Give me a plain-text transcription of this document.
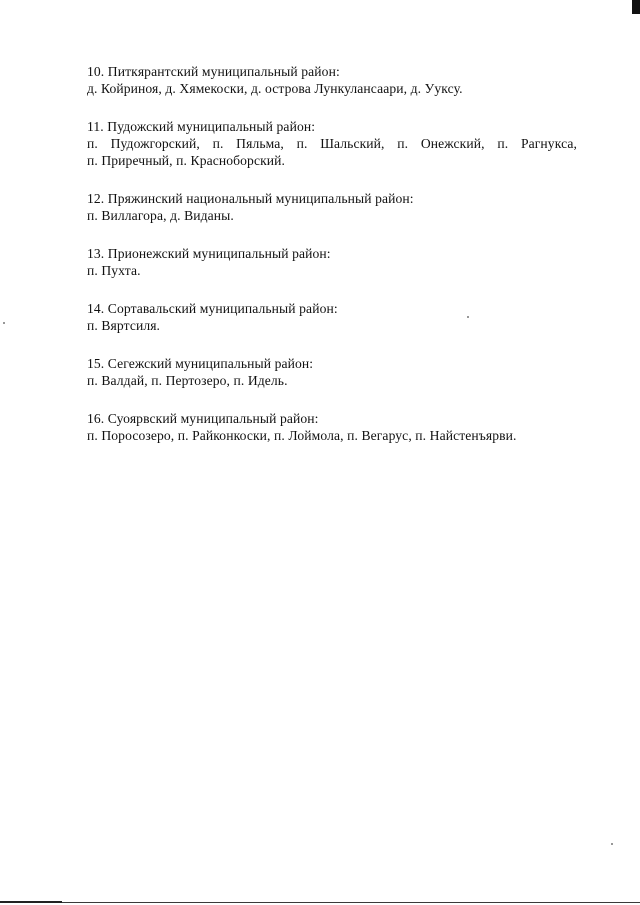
10. Питкярантский муниципальный район:
д. Койриноя, д. Хямекоски, д. острова Лункулансаари, д. Ууксу.
11. Пудожский муниципальный район:
п. Пудожгорский, п. Пяльма, п. Шальский, п. Онежский, п. Рагнукса,
п. Приречный, п. Красноборский.
12. Пряжинский национальный муниципальный район:
п. Виллагора, д. Виданы.
13. Прионежский муниципальный район:
п. Пухта.
14. Сортавальский муниципальный район:
п. Вяртсиля.
15. Сегежский муниципальный район:
п. Валдай, п. Пертозеро, п. Идель.
16. Суоярвский муниципальный район:
п. Поросозеро, п. Райконкоски, п. Лоймола, п. Вегарус, п. Найстенъярви.
